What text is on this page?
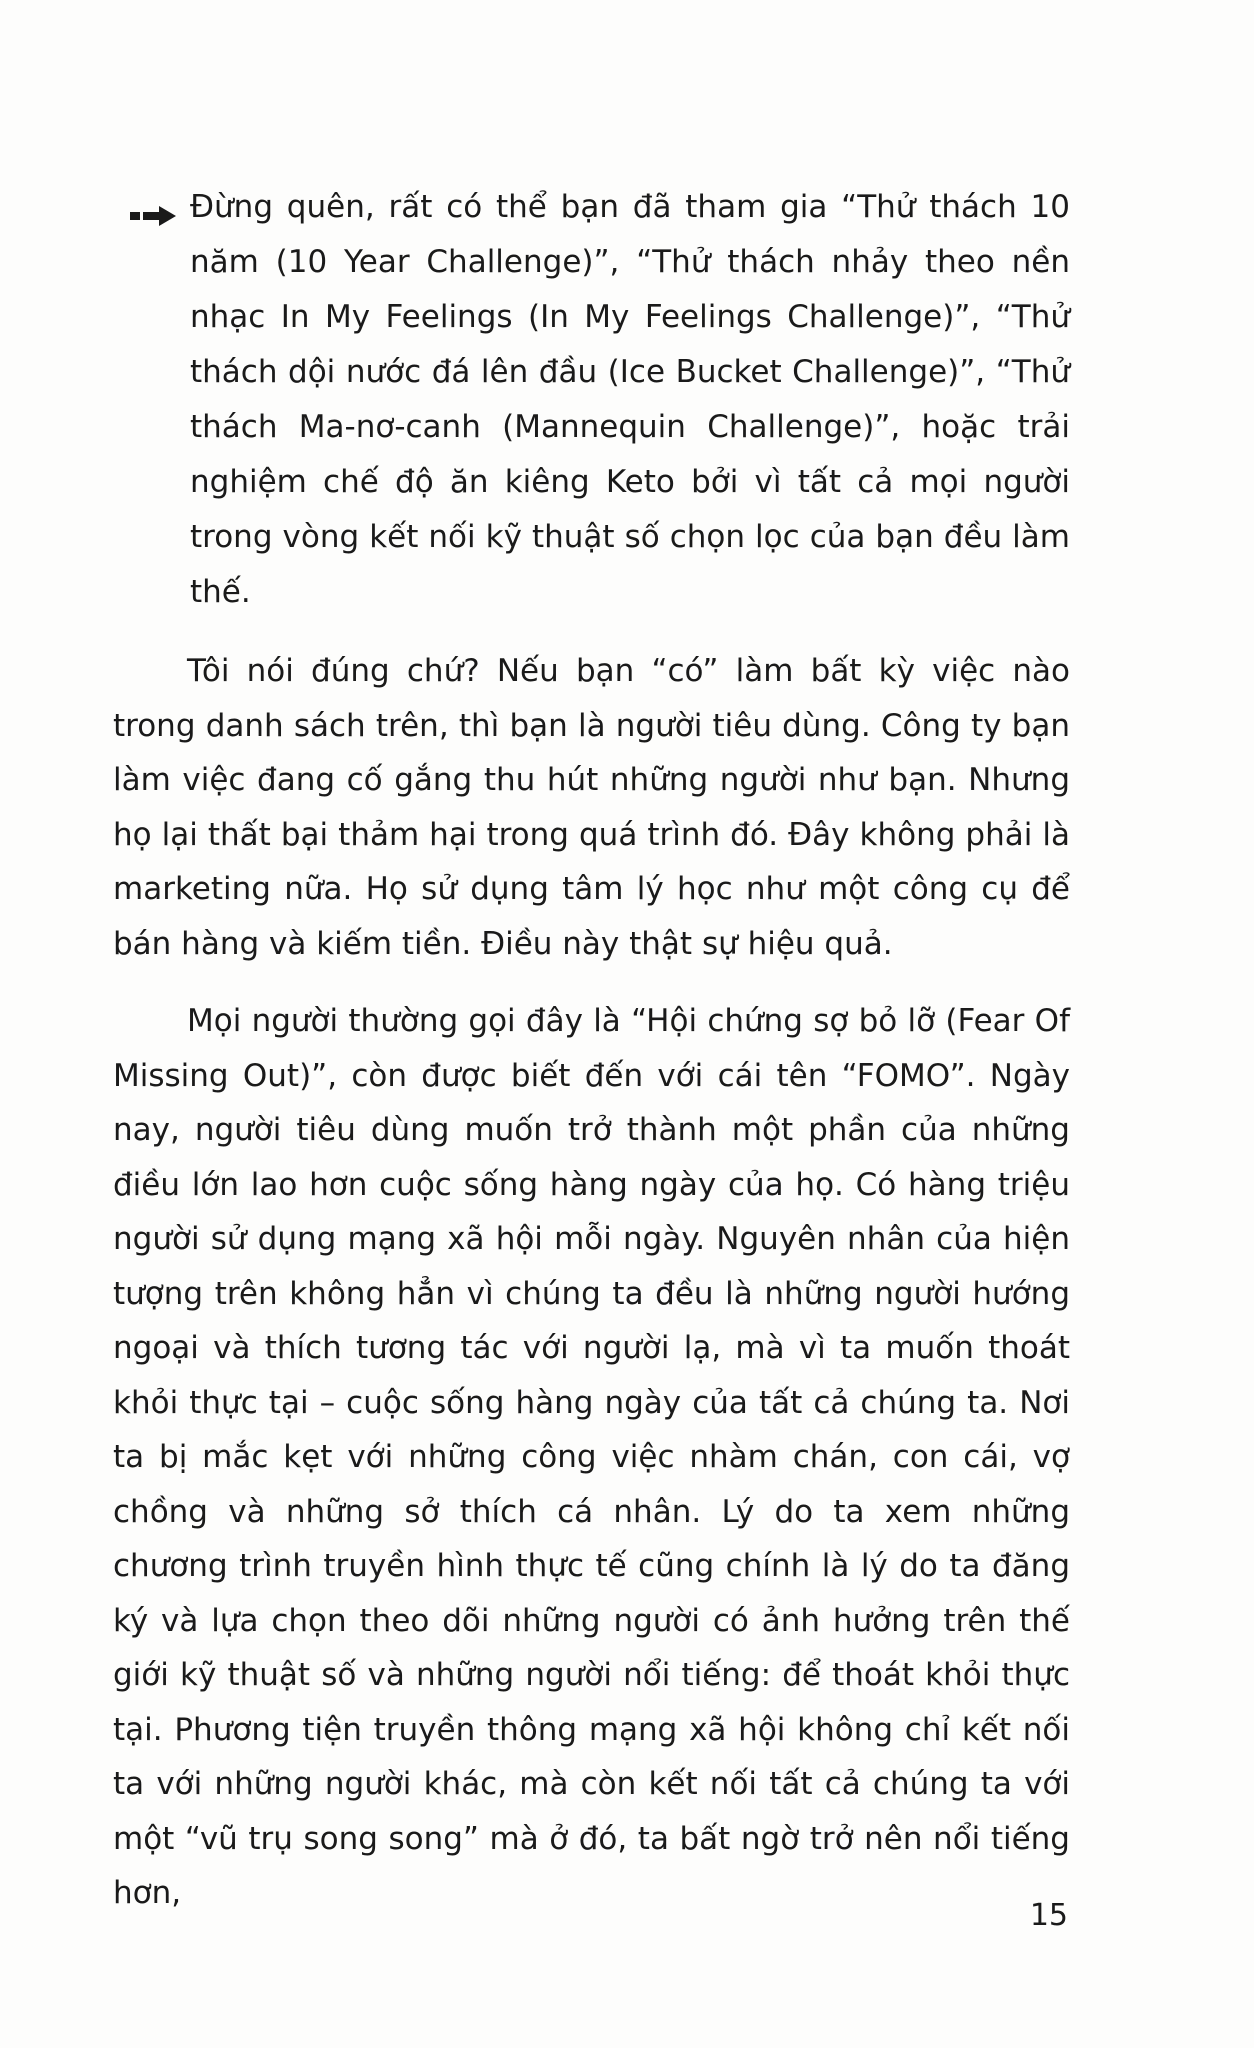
Đừng quên, rất có thể bạn đã tham gia “Thử thách 10 năm (10 Year Challenge)”, “Thử thách nhảy theo nền nhạc In My Feelings (In My Feelings Challenge)”, “Thử thách dội nước đá lên đầu (Ice Bucket Challenge)”, “Thử thách Ma-nơ-canh (Mannequin Challenge)”, hoặc trải nghiệm chế độ ăn kiêng Keto bởi vì tất cả mọi người trong vòng kết nối kỹ thuật số chọn lọc của bạn đều làm thế.

Tôi nói đúng chứ? Nếu bạn “có” làm bất kỳ việc nào trong danh sách trên, thì bạn là người tiêu dùng. Công ty bạn làm việc đang cố gắng thu hút những người như bạn. Nhưng họ lại thất bại thảm hại trong quá trình đó. Đây không phải là marketing nữa. Họ sử dụng tâm lý học như một công cụ để bán hàng và kiếm tiền. Điều này thật sự hiệu quả.

Mọi người thường gọi đây là “Hội chứng sợ bỏ lỡ (Fear Of Missing Out)”, còn được biết đến với cái tên “FOMO”. Ngày nay, người tiêu dùng muốn trở thành một phần của những điều lớn lao hơn cuộc sống hàng ngày của họ. Có hàng triệu người sử dụng mạng xã hội mỗi ngày. Nguyên nhân của hiện tượng trên không hẳn vì chúng ta đều là những người hướng ngoại và thích tương tác với người lạ, mà vì ta muốn thoát khỏi thực tại – cuộc sống hàng ngày của tất cả chúng ta. Nơi ta bị mắc kẹt với những công việc nhàm chán, con cái, vợ chồng và những sở thích cá nhân. Lý do ta xem những chương trình truyền hình thực tế cũng chính là lý do ta đăng ký và lựa chọn theo dõi những người có ảnh hưởng trên thế giới kỹ thuật số và những người nổi tiếng: để thoát khỏi thực tại. Phương tiện truyền thông mạng xã hội không chỉ kết nối ta với những người khác, mà còn kết nối tất cả chúng ta với một “vũ trụ song song” mà ở đó, ta bất ngờ trở nên nổi tiếng hơn,

15
